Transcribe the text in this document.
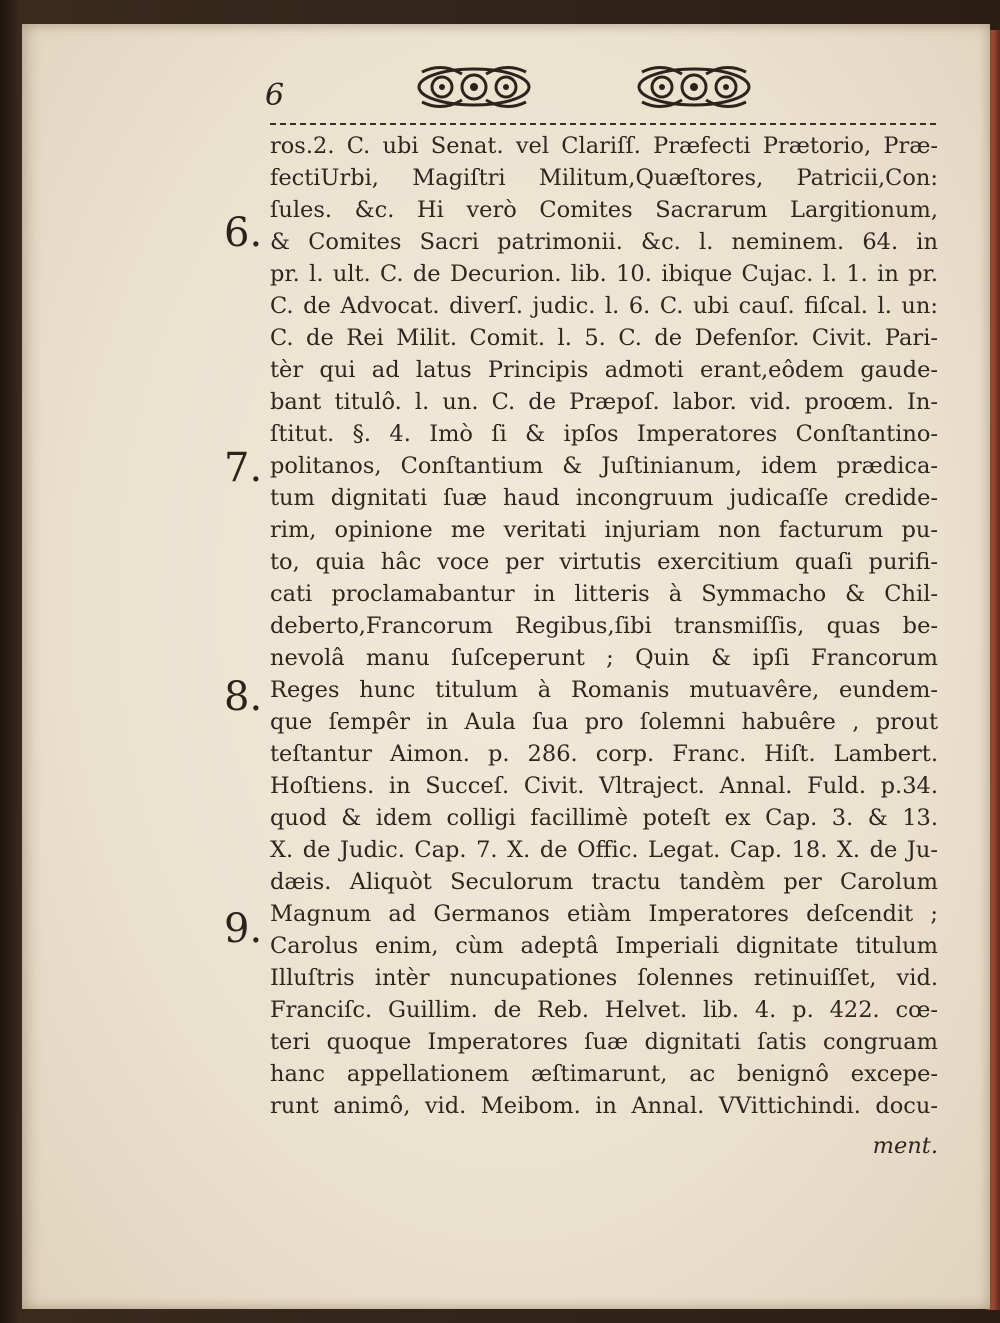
6
6.
7.
8.
9.
ros.2. C. ubi Senat. vel Clariſſ. Præfecti Prætorio, Præ-
fectiUrbi, Magiſtri Militum,Quæſtores, Patricii,Con:
ſules. &c. Hi verò Comites Sacrarum Largitionum,
& Comites Sacri patrimonii. &c. l. neminem. 64. in
pr. l. ult. C. de Decurion. lib. 10. ibique Cujac. l. 1. in pr.
C. de Advocat. diverſ. judic. l. 6. C. ubi cauſ. fiſcal. l. un:
C. de Rei Milit. Comit. l. 5. C. de Defenſor. Civit. Pari-
tèr qui ad latus Principis admoti erant,eôdem gaude-
bant titulô. l. un. C. de Præpoſ. labor. vid. proœm. In-
ſtitut. §. 4. Imò ſi & ipſos Imperatores Conſtantino-
politanos, Conſtantium & Juſtinianum, idem prædica-
tum dignitati ſuæ haud incongruum judicaſſe credide-
rim, opinione me veritati injuriam non facturum pu-
to, quia hâc voce per virtutis exercitium quaſi purifi-
cati proclamabantur in litteris à Symmacho & Chil-
deberto,Francorum Regibus,ſibi transmiſſis, quas be-
nevolâ manu ſuſceperunt ; Quin & ipſi Francorum
Reges hunc titulum à Romanis mutuavêre, eundem-
que ſempêr in Aula ſua pro ſolemni habuêre , prout
teſtantur Aimon. p. 286. corp. Franc. Hiſt. Lambert.
Hoſtiens. in Succeſ. Civit. Vltraject. Annal. Fuld. p.34.
quod & idem colligi facillimè poteſt ex Cap. 3. & 13.
X. de Judic. Cap. 7. X. de Offic. Legat. Cap. 18. X. de Ju-
dæis. Aliquòt Seculorum tractu tandèm per Carolum
Magnum ad Germanos etiàm Imperatores deſcendit ;
Carolus enim, cùm adeptâ Imperiali dignitate titulum
Illuſtris intèr nuncupationes ſolennes retinuiſſet, vid.
Franciſc. Guillim. de Reb. Helvet. lib. 4. p. 422. cœ-
teri quoque Imperatores ſuæ dignitati ſatis congruam
hanc appellationem æſtimarunt, ac benignô excepe-
runt animô, vid. Meibom. in Annal. VVittichindi. docu-
ment.
